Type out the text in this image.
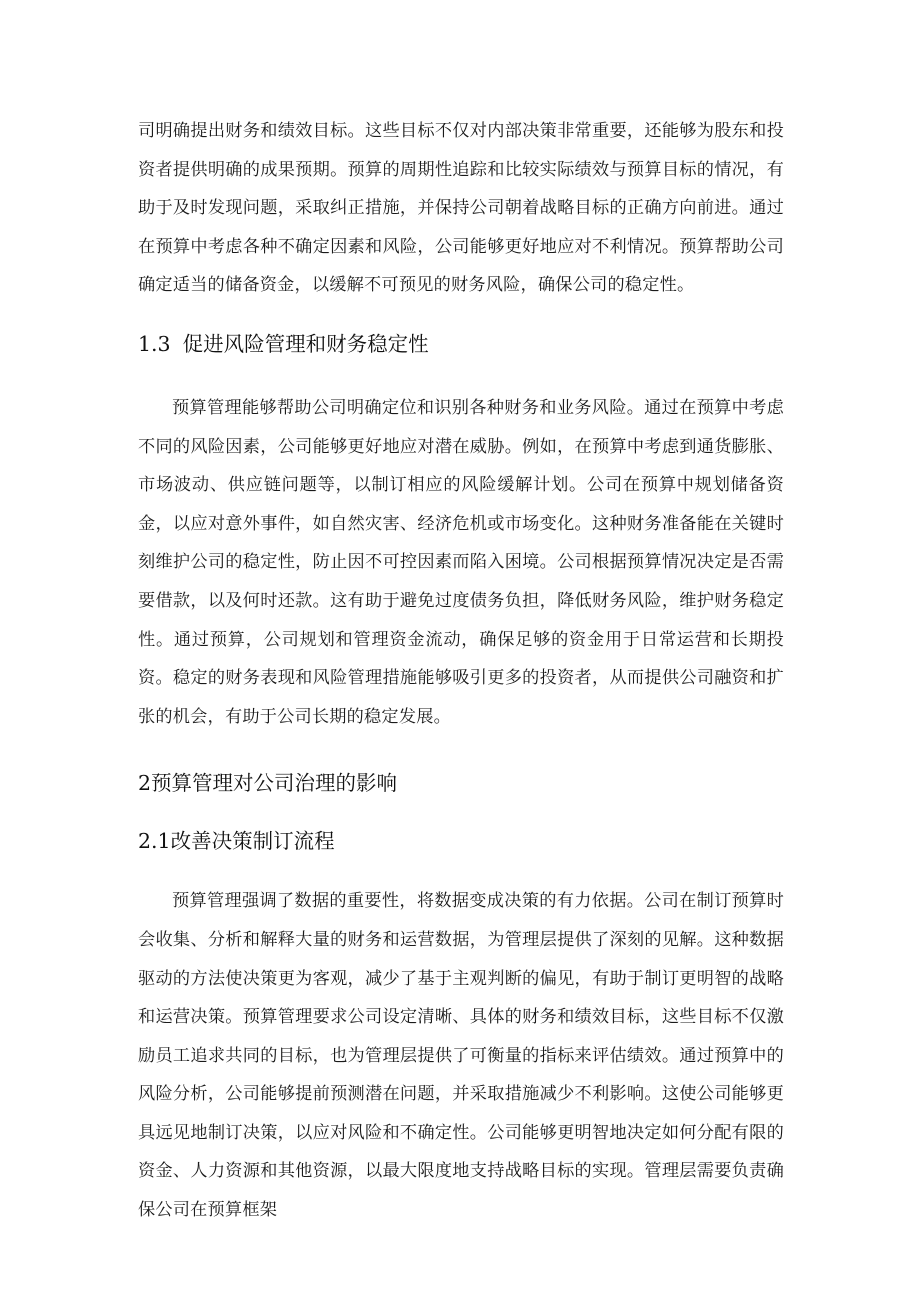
司明确提出财务和绩效目标。这些目标不仅对内部决策非常重要，还能够为股东和投资者提供明确的成果预期。预算的周期性追踪和比较实际绩效与预算目标的情况，有助于及时发现问题，采取纠正措施，并保持公司朝着战略目标的正确方向前进。通过在预算中考虑各种不确定因素和风险，公司能够更好地应对不利情况。预算帮助公司确定适当的储备资金，以缓解不可预见的财务风险，确保公司的稳定性。

1.3 促进风险管理和财务稳定性

预算管理能够帮助公司明确定位和识别各种财务和业务风险。通过在预算中考虑不同的风险因素，公司能够更好地应对潜在威胁。例如，在预算中考虑到通货膨胀、市场波动、供应链问题等，以制订相应的风险缓解计划。公司在预算中规划储备资金，以应对意外事件，如自然灾害、经济危机或市场变化。这种财务准备能在关键时刻维护公司的稳定性，防止因不可控因素而陷入困境。公司根据预算情况决定是否需要借款，以及何时还款。这有助于避免过度债务负担，降低财务风险，维护财务稳定性。通过预算，公司规划和管理资金流动，确保足够的资金用于日常运营和长期投资。稳定的财务表现和风险管理措施能够吸引更多的投资者，从而提供公司融资和扩张的机会，有助于公司长期的稳定发展。

2预算管理对公司治理的影响
2.1改善决策制订流程

预算管理强调了数据的重要性，将数据变成决策的有力依据。公司在制订预算时会收集、分析和解释大量的财务和运营数据，为管理层提供了深刻的见解。这种数据驱动的方法使决策更为客观，减少了基于主观判断的偏见，有助于制订更明智的战略和运营决策。预算管理要求公司设定清晰、具体的财务和绩效目标，这些目标不仅激励员工追求共同的目标，也为管理层提供了可衡量的指标来评估绩效。通过预算中的风险分析，公司能够提前预测潜在问题，并采取措施减少不利影响。这使公司能够更具远见地制订决策，以应对风险和不确定性。公司能够更明智地决定如何分配有限的资金、人力资源和其他资源，以最大限度地支持战略目标的实现。管理层需要负责确保公司在预算框架
